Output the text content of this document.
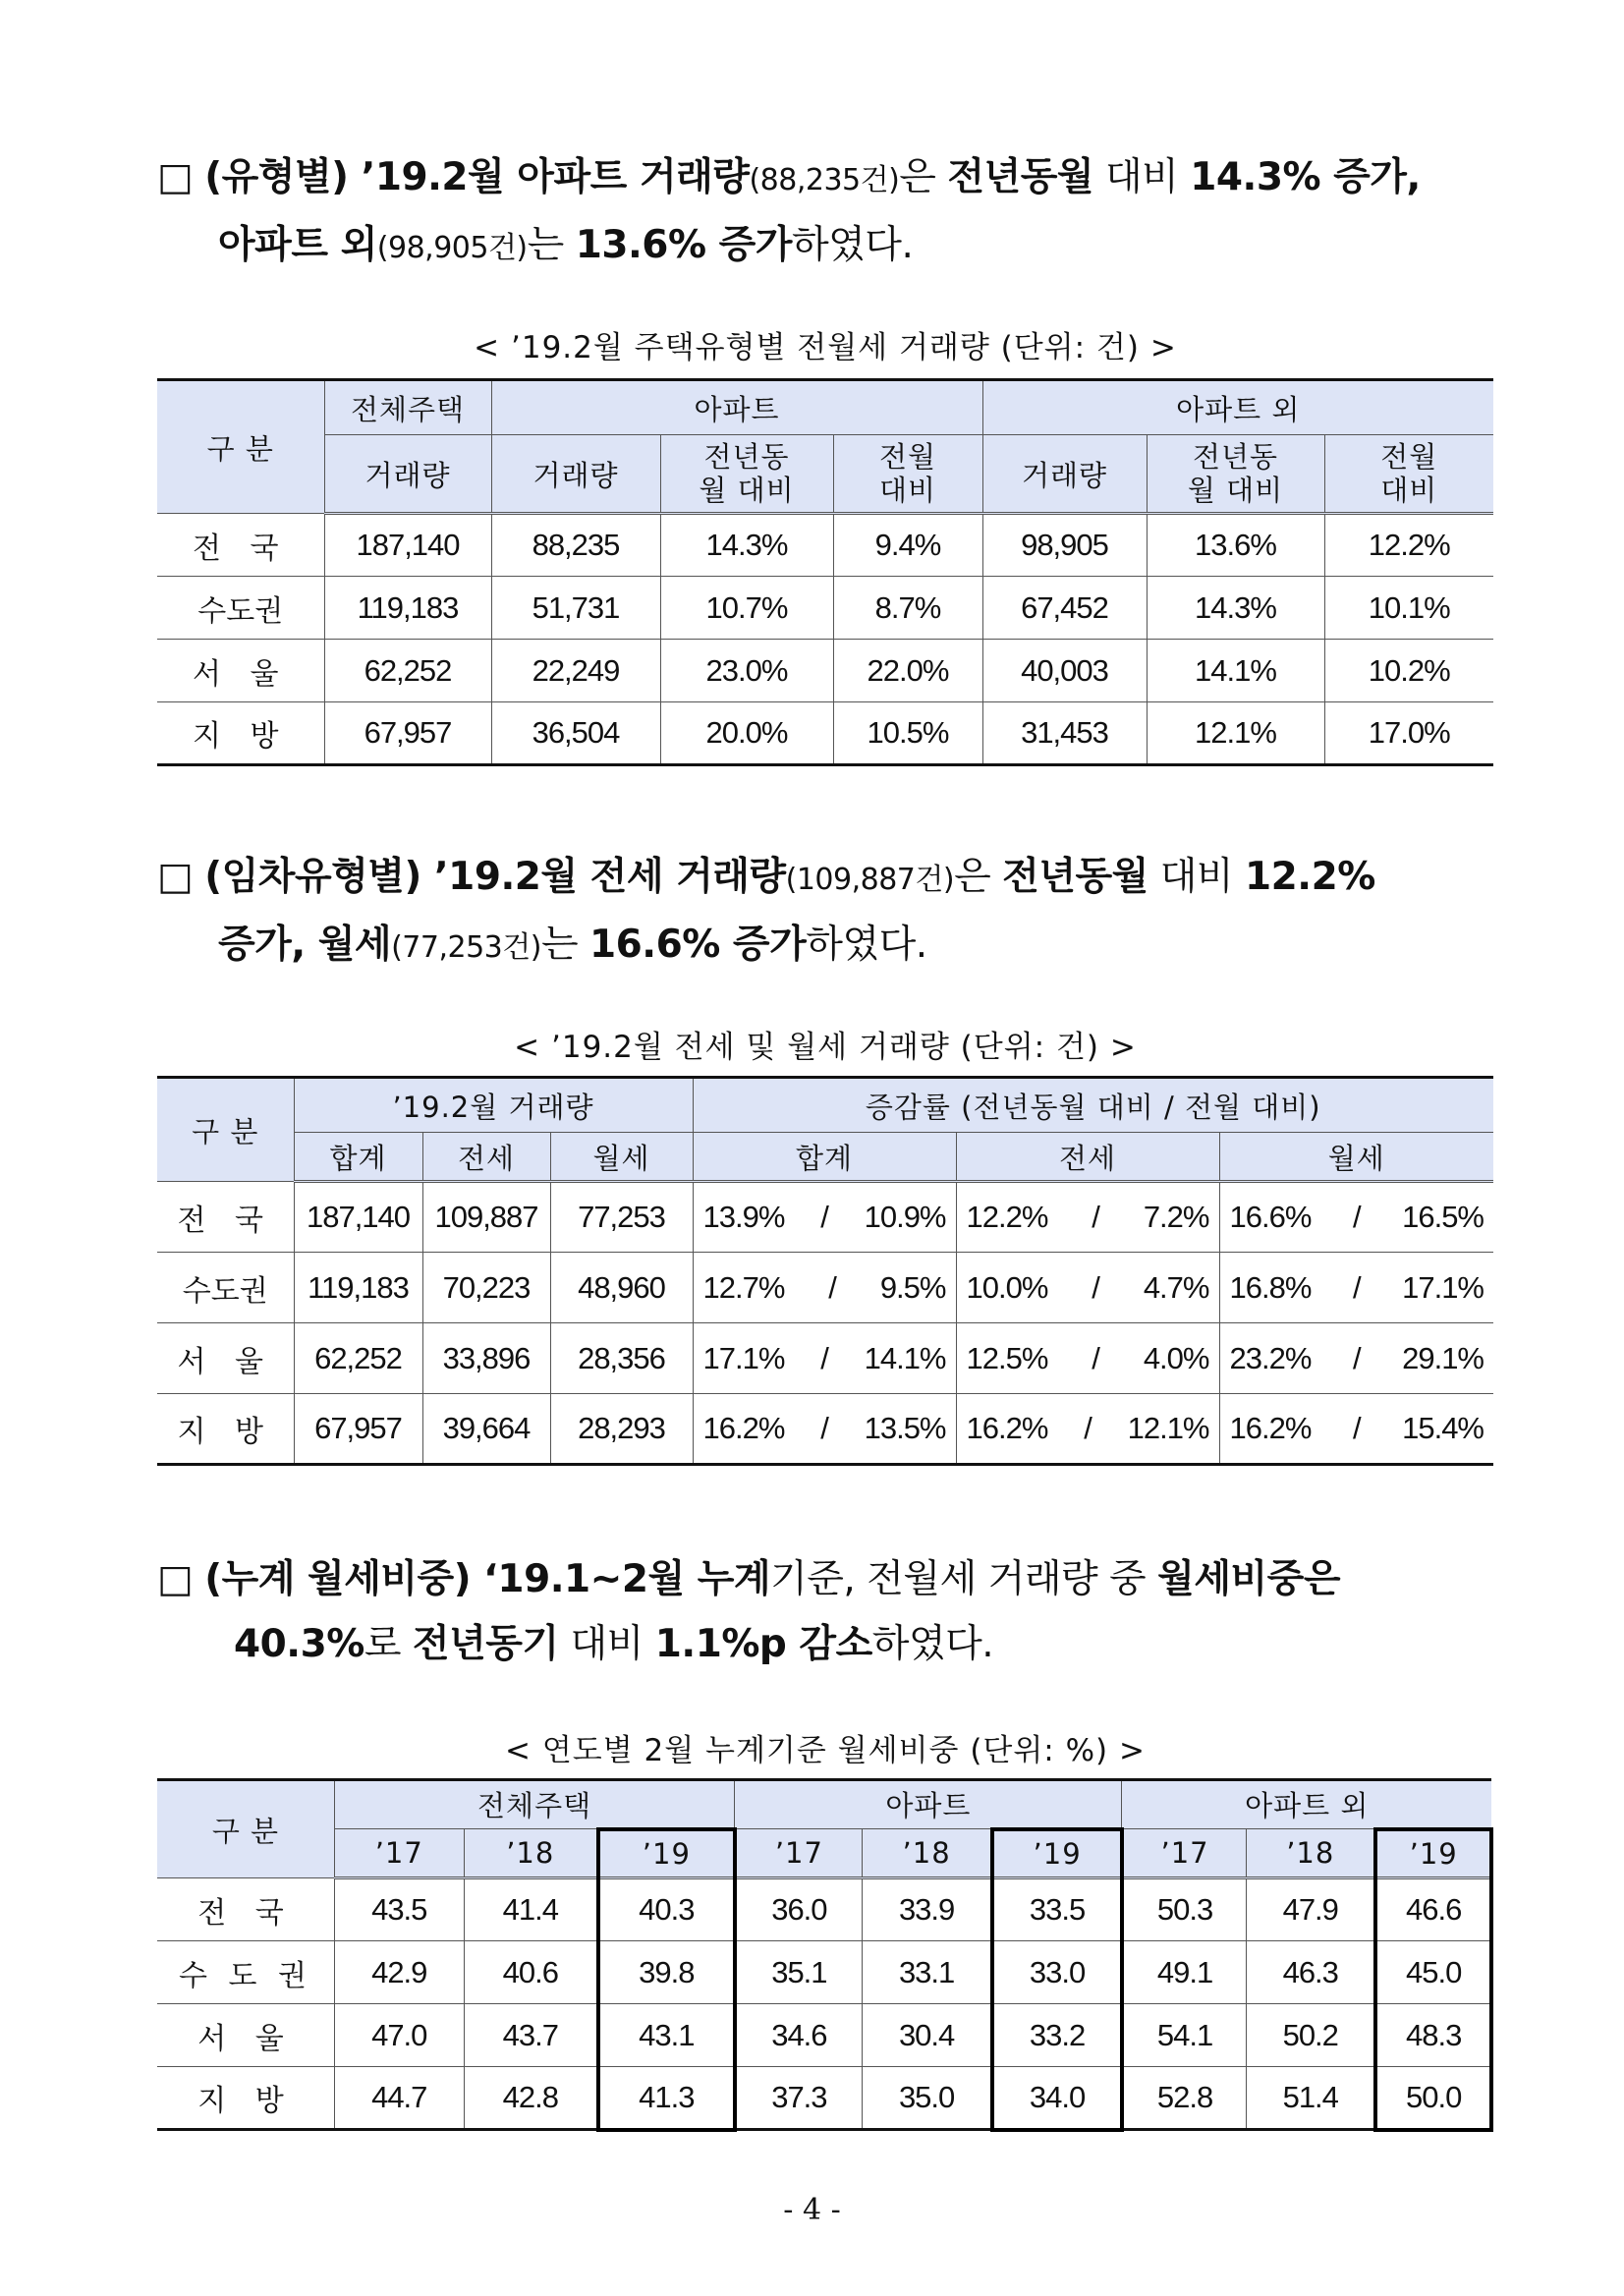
□ (유형별) ’19.2월 아파트 거래량(88,235건)은 전년동월 대비 14.3% 증가,
아파트 외(98,905건)는 13.6% 증가하였다.
< ’19.2월 주택유형별 전월세 거래량 (단위: 건) >
구 분	전체주택	아파트			아파트 외		
	거래량	거래량	전년동월 대비	전월 대비	거래량	전년동월 대비	전월 대비

전 국	187,140	88,235	14.3%	9.4%	98,905	13.6%	12.2%
수도권	119,183	51,731	10.7%	8.7%	67,452	14.3%	10.1%
서 울	62,252	22,249	23.0%	22.0%	40,003	14.1%	10.2%
지 방	67,957	36,504	20.0%	10.5%	31,453	12.1%	17.0%
□ (임차유형별) ’19.2월 전세 거래량(109,887건)은 전년동월 대비 12.2%
증가, 월세(77,253건)는 16.6% 증가하였다.
< ’19.2월 전세 및 월세 거래량 (단위: 건) >
구 분	’19.2월 거래량			증감률 (전년동월 대비 / 전월 대비)		
	합계	전세	월세	합계	전세	월세
전 국	187,140	109,887	77,253	13.9% / 10.9%	12.2% / 7.2%	16.6% / 16.5%

수도권	119,183	70,223	48,960	12.7% / 9.5%	10.0% / 4.7%	16.8% / 17.1%

서 울	62,252	33,896	28,356	17.1% / 14.1%	12.5% / 4.0%	23.2% / 29.1%

지 방	67,957	39,664	28,293	16.2% / 13.5%	16.2% / 12.1%	16.2% / 15.4%
□ (누계 월세비중) ‘19.1~2월 누계기준, 전월세 거래량 중 월세비중은
40.3%로 전년동기 대비 1.1%p 감소하였다.
< 연도별 2월 누계기준 월세비중 (단위: %) >
구 분	전체주택			아파트			아파트 외		
	’17	’18	’19	’17	’18	’19	’17	’18	’19
전 국	43.5	41.4	40.3	36.0	33.9	33.5	50.3	47.9	46.6
수 도 권	42.9	40.6	39.8	35.1	33.1	33.0	49.1	46.3	45.0
서 울	47.0	43.7	43.1	34.6	30.4	33.2	54.1	50.2	48.3
지 방	44.7	42.8	41.3	37.3	35.0	34.0	52.8	51.4	50.0
- 4 -
